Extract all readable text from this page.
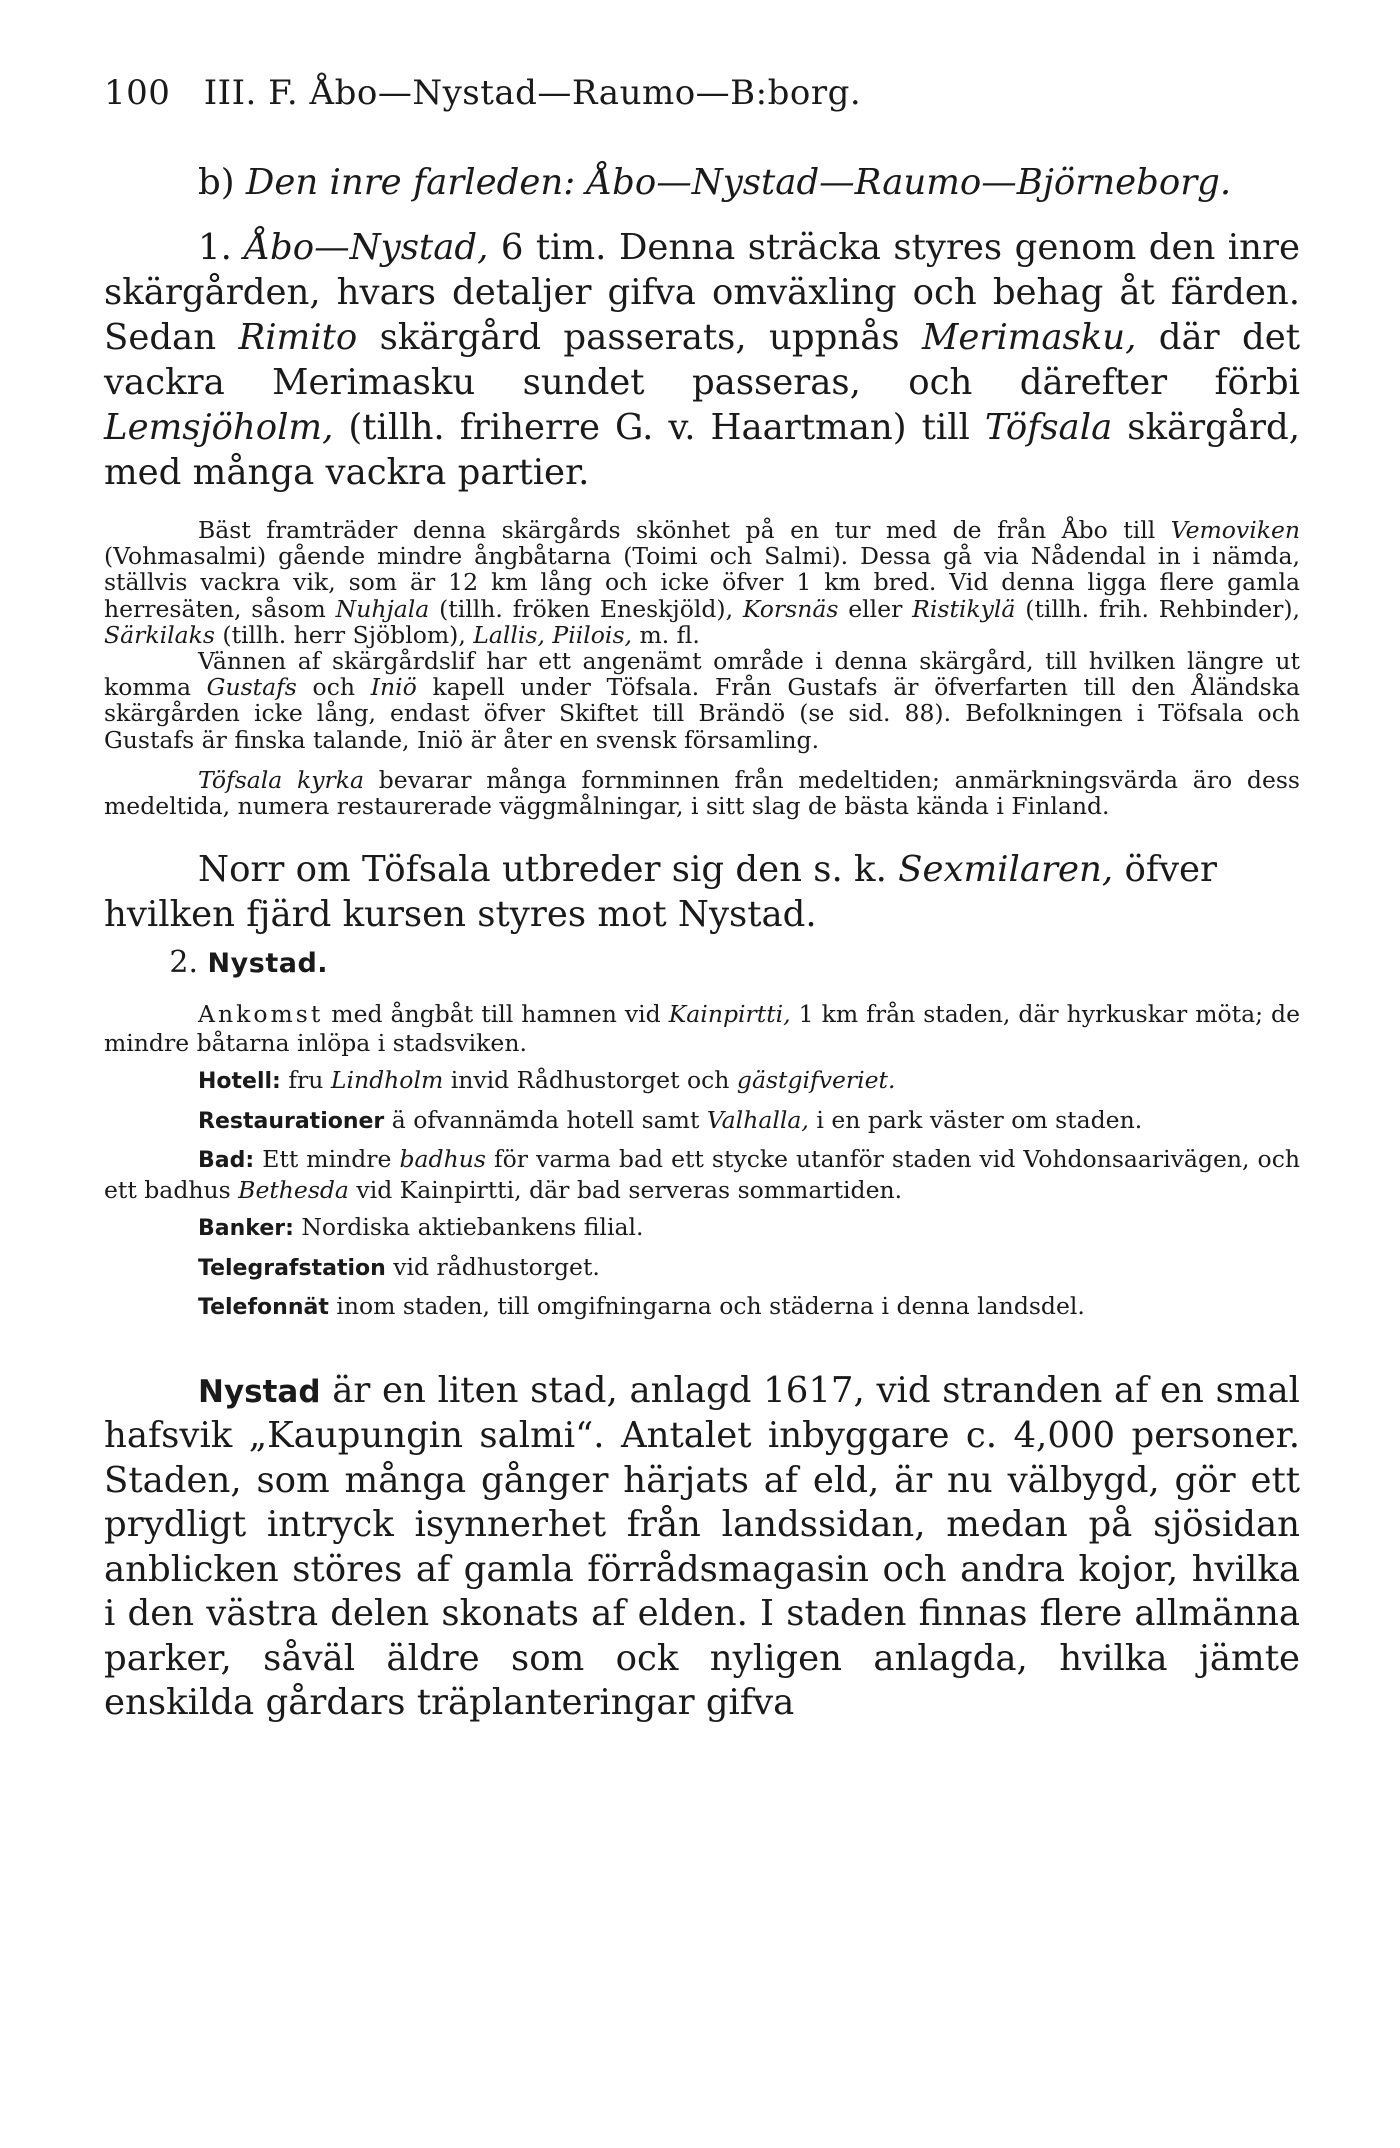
100 III. F. Åbo—Nystad—Raumo—B:borg.

b) Den inre farleden: Åbo—Nystad—Raumo—Björneborg.

1. Åbo—Nystad, 6 tim. Denna sträcka styres genom den inre skärgården, hvars detaljer gifva omväxling och behag åt färden. Sedan Rimito skärgård passerats, uppnås Merimasku, där det vackra Merimasku sundet passeras, och därefter förbi Lemsjöholm, (tillh. friherre G. v. Haartman) till Töfsala skärgård, med många vackra partier.

Bäst framträder denna skärgårds skönhet på en tur med de från Åbo till Vemoviken (Vohmasalmi) gående mindre ångbåtarna (Toimi och Salmi). Dessa gå via Nådendal in i nämda, ställvis vackra vik, som är 12 km lång och icke öfver 1 km bred. Vid denna ligga flere gamla herresäten, såsom Nuhjala (tillh. fröken Eneskjöld), Korsnäs eller Ristikylä (tillh. frih. Rehbinder), Särkilaks (tillh. herr Sjöblom), Lallis, Piilois, m. fl.

Vännen af skärgårdslif har ett angenämt område i denna skärgård, till hvilken längre ut komma Gustafs och Iniö kapell under Töfsala. Från Gustafs är öfverfarten till den Åländska skärgården icke lång, endast öfver Skiftet till Brändö (se sid. 88). Befolkningen i Töfsala och Gustafs är finska talande, Iniö är åter en svensk församling.

Töfsala kyrka bevarar många fornminnen från medeltiden; anmärkningsvärda äro dess medeltida, numera restaurerade väggmålningar, i sitt slag de bästa kända i Finland.

Norr om Töfsala utbreder sig den s. k. Sexmilaren, öfver hvilken fjärd kursen styres mot Nystad.

2. Nystad.

Ankomst med ångbåt till hamnen vid Kainpirtti, 1 km från staden, där hyrkuskar möta; de mindre båtarna inlöpa i stadsviken.

Hotell: fru Lindholm invid Rådhustorget och gästgifveriet.

Restaurationer ä ofvannämda hotell samt Valhalla, i en park väster om staden.

Bad: Ett mindre badhus för varma bad ett stycke utanför staden vid Vohdonsaarivägen, och ett badhus Bethesda vid Kainpirtti, där bad serveras sommartiden.

Banker: Nordiska aktiebankens filial.

Telegrafstation vid rådhustorget.

Telefonnät inom staden, till omgifningarna och städerna i denna landsdel.

Nystad är en liten stad, anlagd 1617, vid stranden af en smal hafsvik „Kaupungin salmi“. Antalet inbyggare c. 4,000 personer. Staden, som många gånger härjats af eld, är nu välbygd, gör ett prydligt intryck isynnerhet från landssidan, medan på sjösidan anblicken störes af gamla förrådsmagasin och andra kojor, hvilka i den västra delen skonats af elden. I staden finnas flere allmänna parker, såväl äldre som ock nyligen anlagda, hvilka jämte enskilda gårdars träplanteringar gifva
